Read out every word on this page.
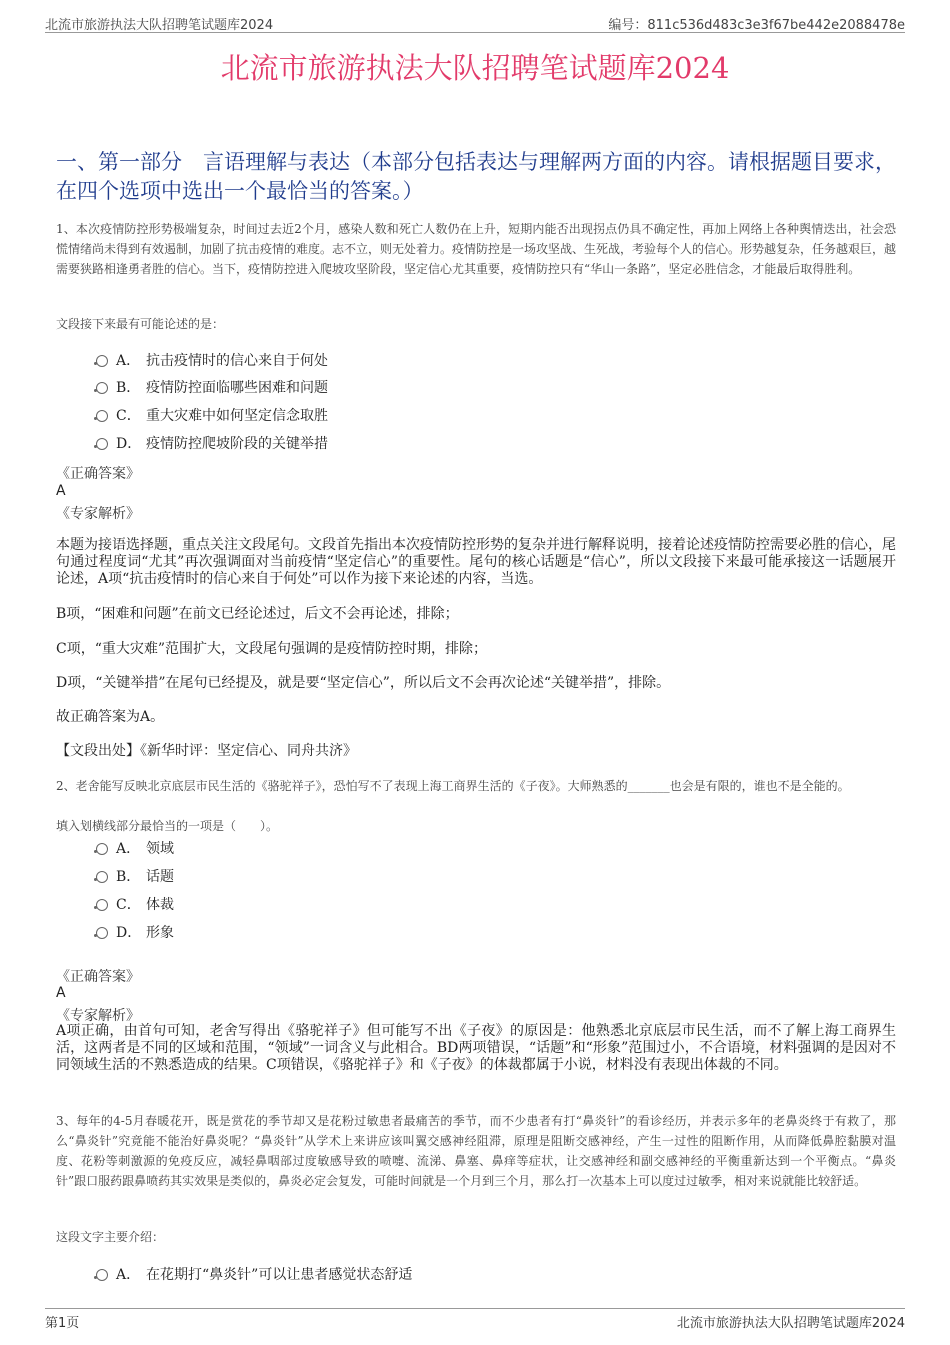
北流市旅游执法大队招聘笔试题库2024	编号：811c536d483c3e3f67be442e2088478e
北流市旅游执法大队招聘笔试题库2024
一、第一部分　言语理解与表达（本部分包括表达与理解两方面的内容。请根据题目要求，在四个选项中选出一个最恰当的答案。）
1、本次疫情防控形势极端复杂，时间过去近2个月，感染人数和死亡人数仍在上升，短期内能否出现拐点仍具不确定性，再加上网络上各种舆情迭出，社会恐慌情绪尚未得到有效遏制，加剧了抗击疫情的难度。志不立，则无处着力。疫情防控是一场攻坚战、生死战，考验每个人的信心。形势越复杂，任务越艰巨，越需要狭路相逢勇者胜的信心。当下，疫情防控进入爬坡攻坚阶段，坚定信心尤其重要，疫情防控只有“华山一条路”，坚定必胜信念，才能最后取得胜利。
文段接下来最有可能论述的是：
A． 抗击疫情时的信心来自于何处
B． 疫情防控面临哪些困难和问题
C． 重大灾难中如何坚定信念取胜
D． 疫情防控爬坡阶段的关键举措
《正确答案》
A
《专家解析》
本题为接语选择题，重点关注文段尾句。文段首先指出本次疫情防控形势的复杂并进行解释说明，接着论述疫情防控需要必胜的信心，尾句通过程度词“尤其”再次强调面对当前疫情“坚定信心”的重要性。尾句的核心话题是“信心”，所以文段接下来最可能承接这一话题展开论述，A项“抗击疫情时的信心来自于何处”可以作为接下来论述的内容，当选。
B项，“困难和问题”在前文已经论述过，后文不会再论述，排除；
C项，“重大灾难”范围扩大，文段尾句强调的是疫情防控时期，排除；
D项，“关键举措”在尾句已经提及，就是要“坚定信心”，所以后文不会再次论述“关键举措”，排除。
故正确答案为A。
【文段出处】《新华时评：坚定信心、同舟共济》
2、老舍能写反映北京底层市民生活的《骆驼祥子》，恐怕写不了表现上海工商界生活的《子夜》。大师熟悉的_______也会是有限的，谁也不是全能的。
填入划横线部分最恰当的一项是（　　）。
A． 领域
B． 话题
C． 体裁
D． 形象
《正确答案》
A
《专家解析》
A项正确，由首句可知，老舍写得出《骆驼祥子》但可能写不出《子夜》的原因是：他熟悉北京底层市民生活，而不了解上海工商界生活，这两者是不同的区域和范围，“领域”一词含义与此相合。BD两项错误，“话题”和“形象”范围过小，不合语境，材料强调的是因对不同领域生活的不熟悉造成的结果。C项错误，《骆驼祥子》和《子夜》的体裁都属于小说，材料没有表现出体裁的不同。
3、每年的4-5月春暖花开，既是赏花的季节却又是花粉过敏患者最痛苦的季节，而不少患者有打“鼻炎针”的看诊经历，并表示多年的老鼻炎终于有救了，那么“鼻炎针”究竟能不能治好鼻炎呢？“鼻炎针”从学术上来讲应该叫翼交感神经阻滞，原理是阻断交感神经，产生一过性的阻断作用，从而降低鼻腔黏膜对温度、花粉等刺激源的免疫反应，减轻鼻咽部过度敏感导致的喷嚏、流涕、鼻塞、鼻痒等症状，让交感神经和副交感神经的平衡重新达到一个平衡点。“鼻炎针”跟口服药跟鼻喷药其实效果是类似的，鼻炎必定会复发，可能时间就是一个月到三个月，那么打一次基本上可以度过过敏季，相对来说就能比较舒适。
这段文字主要介绍：
A． 在花期打“鼻炎针”可以让患者感觉状态舒适
第1页	北流市旅游执法大队招聘笔试题库2024
